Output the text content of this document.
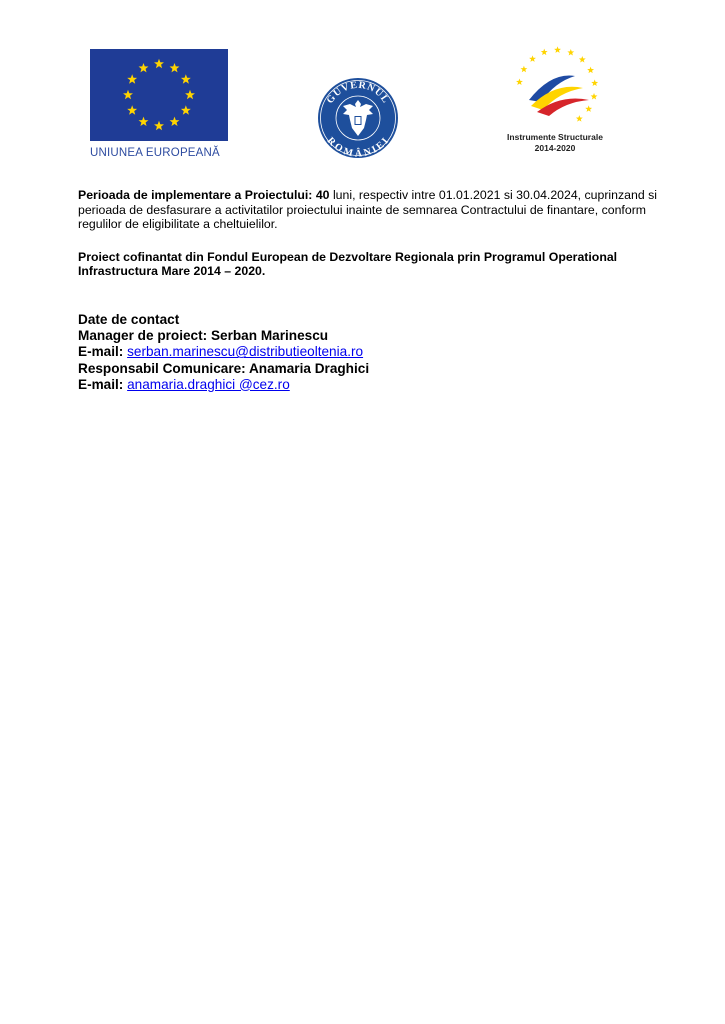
UNIUNEA EUROPEANĂ
GUVERNUL
ROMÂNIEI	Instrumente Structurale
2014-2020

Perioada de implementare a Proiectului: 40 luni, respectiv intre 01.01.2021 si 30.04.2024, cuprinzand si perioada de desfasurare a activitatilor proiectului inainte de semnarea Contractului de finantare, conform regulilor de eligibilitate a cheltuielilor.

Proiect cofinantat din Fondul European de Dezvoltare Regionala prin Programul Operational Infrastructura Mare 2014 – 2020.

Date de contact
Manager de proiect: Serban Marinescu
E-mail: serban.marinescu@distributieoltenia.ro
Responsabil Comunicare: Anamaria Draghici
E-mail: anamaria.draghici @cez.ro
